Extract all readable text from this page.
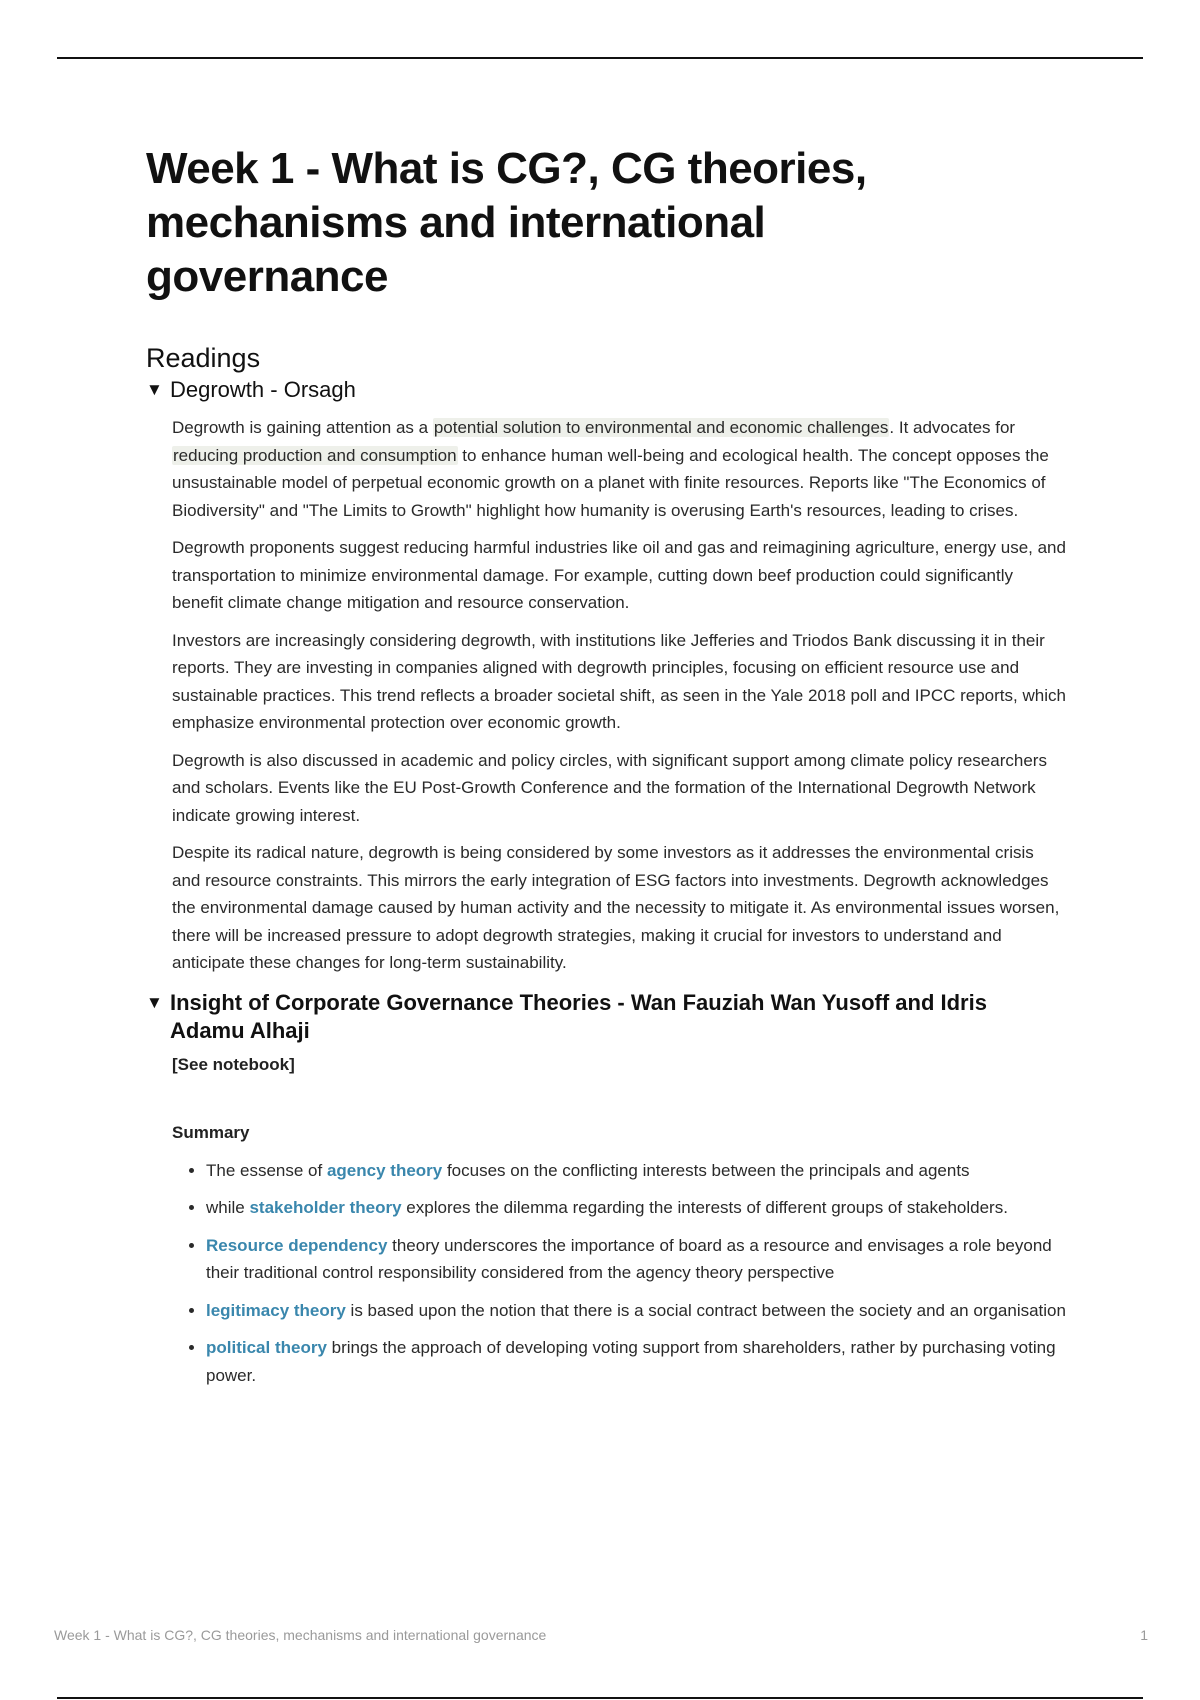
Week 1 - What is CG?, CG theories, mechanisms and international governance
Readings
▼ Degrowth - Orsagh

Degrowth is gaining attention as a potential solution to environmental and economic challenges. It advocates for reducing production and consumption to enhance human well-being and ecological health. The concept opposes the unsustainable model of perpetual economic growth on a planet with finite resources. Reports like "The Economics of Biodiversity" and "The Limits to Growth" highlight how humanity is overusing Earth's resources, leading to crises.

Degrowth proponents suggest reducing harmful industries like oil and gas and reimagining agriculture, energy use, and transportation to minimize environmental damage. For example, cutting down beef production could significantly benefit climate change mitigation and resource conservation.

Investors are increasingly considering degrowth, with institutions like Jefferies and Triodos Bank discussing it in their reports. They are investing in companies aligned with degrowth principles, focusing on efficient resource use and sustainable practices. This trend reflects a broader societal shift, as seen in the Yale 2018 poll and IPCC reports, which emphasize environmental protection over economic growth.

Degrowth is also discussed in academic and policy circles, with significant support among climate policy researchers and scholars. Events like the EU Post-Growth Conference and the formation of the International Degrowth Network indicate growing interest.

Despite its radical nature, degrowth is being considered by some investors as it addresses the environmental crisis and resource constraints. This mirrors the early integration of ESG factors into investments. Degrowth acknowledges the environmental damage caused by human activity and the necessity to mitigate it. As environmental issues worsen, there will be increased pressure to adopt degrowth strategies, making it crucial for investors to understand and anticipate these changes for long-term sustainability.

▼ Insight of Corporate Governance Theories - Wan Fauziah Wan Yusoff and Idris Adamu Alhaji

[See notebook]

Summary

• The essense of agency theory focuses on the conflicting interests between the principals and agents
• while stakeholder theory explores the dilemma regarding the interests of different groups of stakeholders.
• Resource dependency theory underscores the importance of board as a resource and envisages a role beyond their traditional control responsibility considered from the agency theory perspective
• legitimacy theory is based upon the notion that there is a social contract between the society and an organisation
• political theory brings the approach of developing voting support from shareholders, rather by purchasing voting power.
Week 1 - What is CG?, CG theories, mechanisms and international governance	1
